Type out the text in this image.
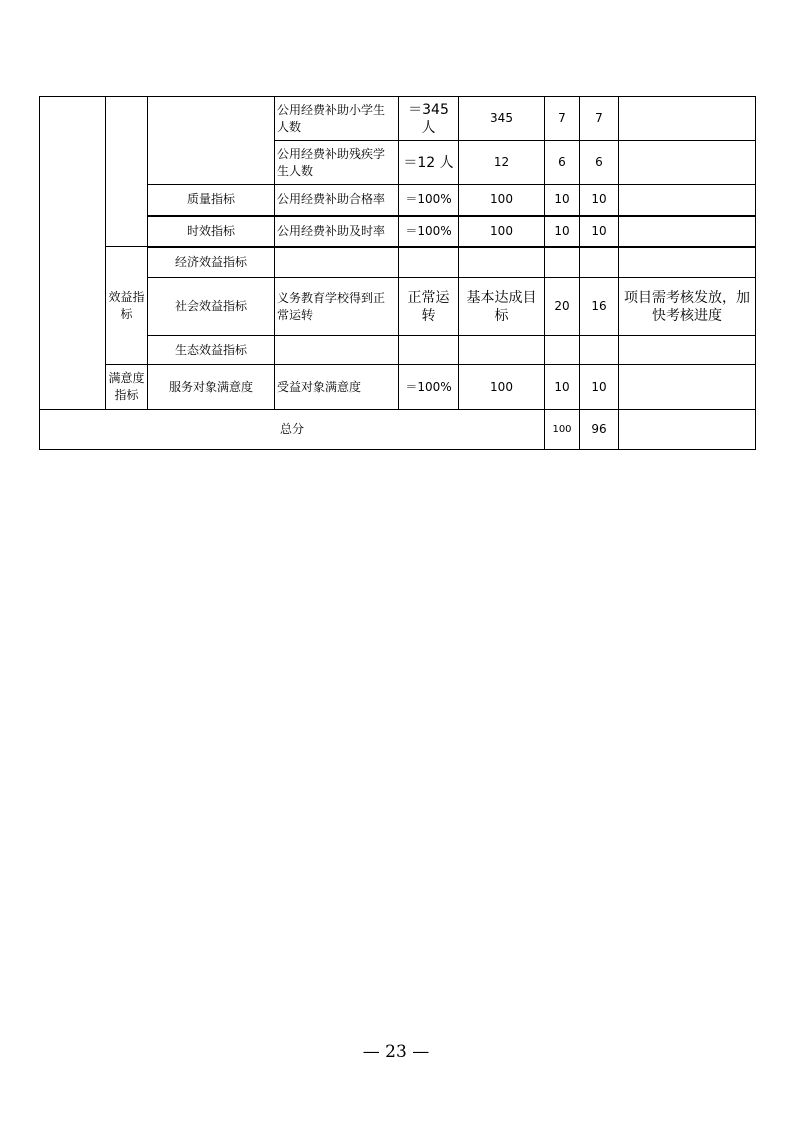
			公用经费补助小学生人数	＝345 人	345	7	7	
			公用经费补助残疾学生人数	＝12 人	12	6	6	
		质量指标	公用经费补助合格率	＝100%	100	10	10	
		时效指标	公用经费补助及时率	＝100%	100	10	10	
	效益指标	经济效益指标						
		社会效益指标	义务教育学校得到正常运转	正常运转	基本达成目标	20	16	项目需考核发放，加快考核进度
		生态效益指标						
	满意度指标	服务对象满意度	受益对象满意度	＝100%	100	10	10	
总分						100	96	
— 23 —
